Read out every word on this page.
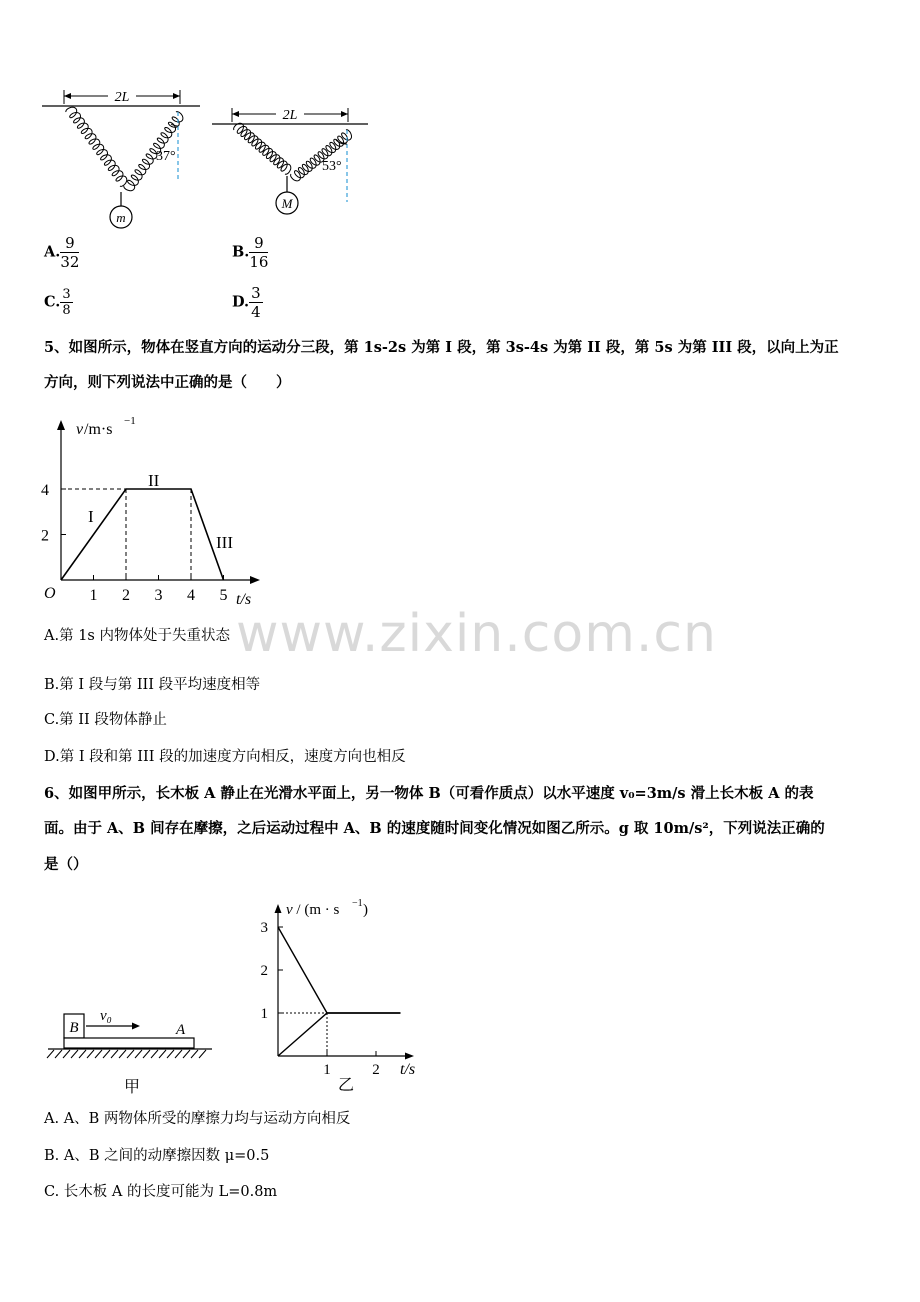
2L
37°
m
2L
53°
M
A. $\frac{9}{32}$	B. $\frac{9}{16}$
C. $\frac{3}{8}$	D. $\frac{3}{4}$
5、如图所示，物体在竖直方向的运动分三段，第 1s-2s 为第 I 段，第 3s-4s 为第 II 段，第 5s 为第 III 段，以向上为正
方向，则下列说法中正确的是（　　）
v /m·s −1
t/s
O 1 2 3 4 5
2
4
I
II
III
www.zixin.com.cn
A.第 1s 内物体处于失重状态
B.第 I 段与第 III 段平均速度相等
C.第 II 段物体静止
D.第 I 段和第 III 段的加速度方向相反，速度方向也相反
6、如图甲所示，长木板 A 静止在光滑水平面上，另一物体 B（可看作质点）以水平速度 v₀=3m/s 滑上长木板 A 的表
面。由于 A、B 间存在摩擦，之后运动过程中 A、B 的速度随时间变化情况如图乙所示。g 取 10m/s²，下列说法正确的
是（）
B	A
v₀
甲
v / (m · s −1 )
t/s
1	2
1
2
3
乙
A. A、B 两物体所受的摩擦力均与运动方向相反
B. A、B 之间的动摩擦因数 μ=0.5
C. 长木板 A 的长度可能为 L=0.8m
